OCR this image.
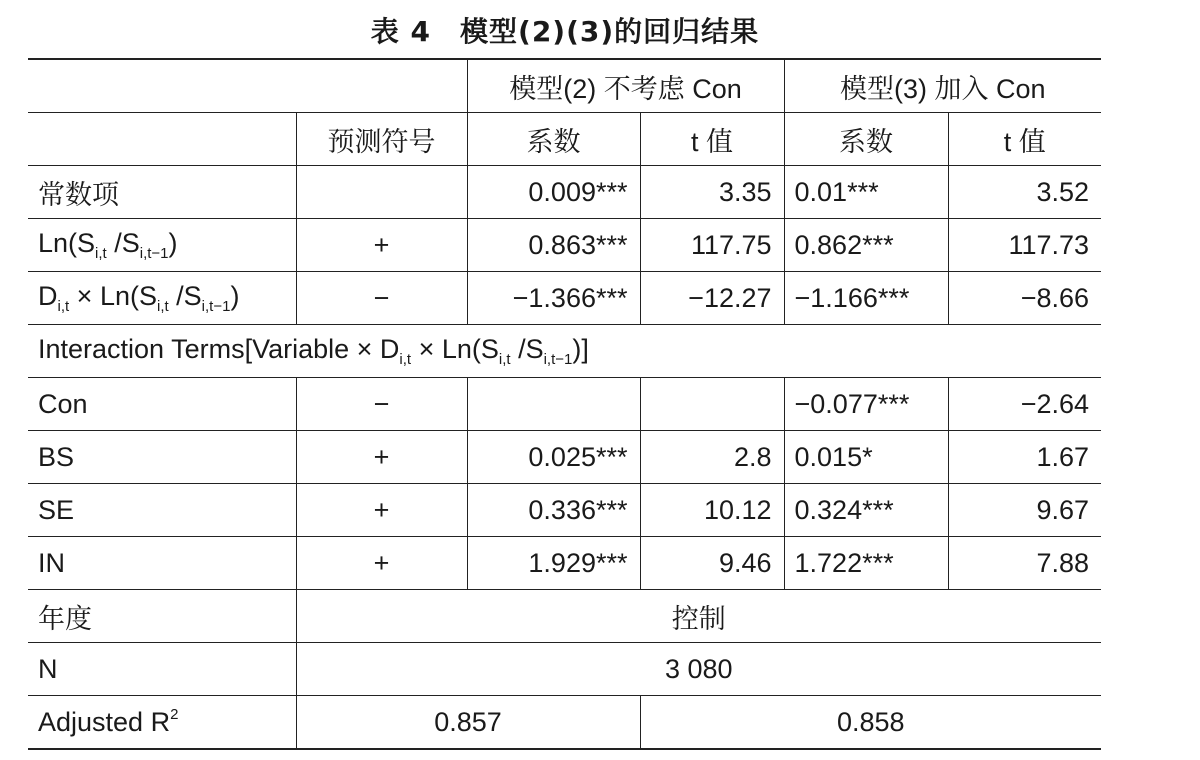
表 4　模型(2)(3)的回归结果
		模型(2) 不考虑 Con		模型(3) 加入 Con	
	预测符号	系数	t 值	系数	t 值
常数项		0.009***	3.35	0.01***	3.52
$Ln(S_{i,t}$ $/S_{i,t-1}$)	+	0.863***	117.75	0.862***	117.73
$D_{i,t} \times Ln(S_{i,t}$ $/S_{i,t-1}$)	−	−1.366***	−12.27	−1.166***	−8.66
Interaction Terms[Variable × $D_{i,t} \times Ln(S_{i,t}$ $/S_{i,t-1}$)]					
Con	−			−0.077***	−2.64
BS	+	0.025***	2.8	0.015*	1.67
SE	+	0.336***	10.12	0.324***	9.67
IN	+	1.929***	9.46	1.722***	7.88
年度	控制				
N	3 080				
Adjusted $R^2$	0.857		0.858		
